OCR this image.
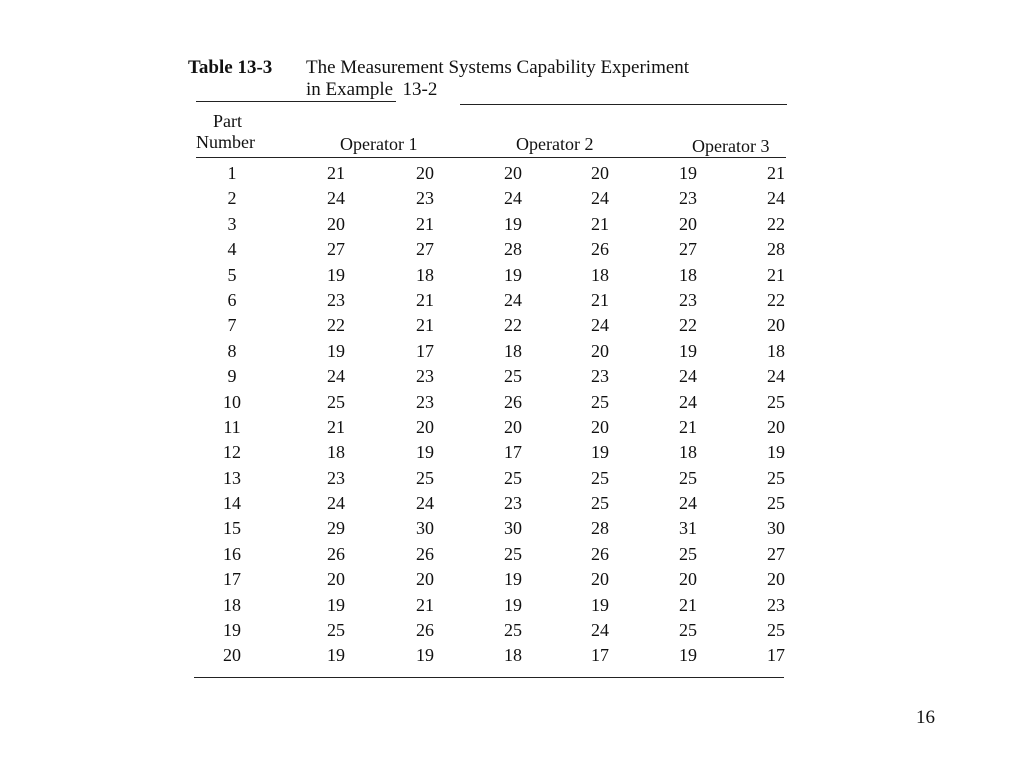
Table 13-3 The Measurement Systems Capability Experiment
in Example  13-2
Part
Number	Operator 1	Operator 2	Operator 3
1	21	20	20	20	19	21
2	24	23	24	24	23	24
3	20	21	19	21	20	22
4	27	27	28	26	27	28
5	19	18	19	18	18	21
6	23	21	24	21	23	22
7	22	21	22	24	22	20
8	19	17	18	20	19	18
9	24	23	25	23	24	24
10	25	23	26	25	24	25
11	21	20	20	20	21	20
12	18	19	17	19	18	19
13	23	25	25	25	25	25
14	24	24	23	25	24	25
15	29	30	30	28	31	30
16	26	26	25	26	25	27
17	20	20	19	20	20	20
18	19	21	19	19	21	23
19	25	26	25	24	25	25
20	19	19	18	17	19	17
16
